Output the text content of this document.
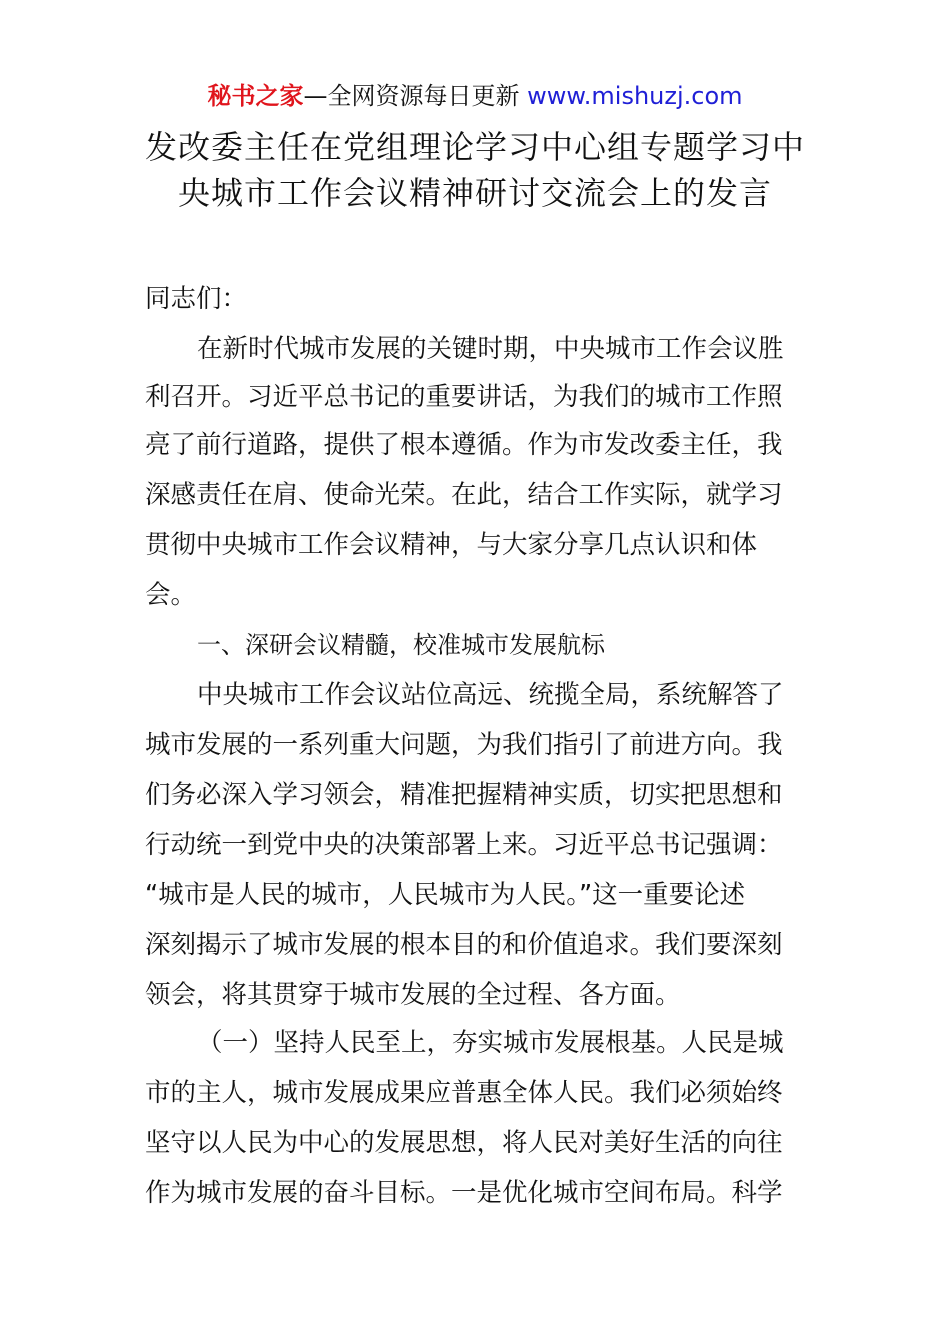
秘书之家—全网资源每日更新 www.mishuzj.com
发改委主任在党组理论学习中心组专题学习中
央城市工作会议精神研讨交流会上的发言
同志们：
在新时代城市发展的关键时期，中央城市工作会议胜
利召开。习近平总书记的重要讲话，为我们的城市工作照
亮了前行道路，提供了根本遵循。作为市发改委主任，我
深感责任在肩、使命光荣。在此，结合工作实际，就学习
贯彻中央城市工作会议精神，与大家分享几点认识和体
会。
一、深研会议精髓，校准城市发展航标
中央城市工作会议站位高远、统揽全局，系统解答了
城市发展的一系列重大问题，为我们指引了前进方向。我
们务必深入学习领会，精准把握精神实质，切实把思想和
行动统一到党中央的决策部署上来。习近平总书记强调：
“城市是人民的城市，人民城市为人民。”这一重要论述
深刻揭示了城市发展的根本目的和价值追求。我们要深刻
领会，将其贯穿于城市发展的全过程、各方面。
（一）坚持人民至上，夯实城市发展根基。人民是城
市的主人，城市发展成果应普惠全体人民。我们必须始终
坚守以人民为中心的发展思想，将人民对美好生活的向往
作为城市发展的奋斗目标。一是优化城市空间布局。科学
